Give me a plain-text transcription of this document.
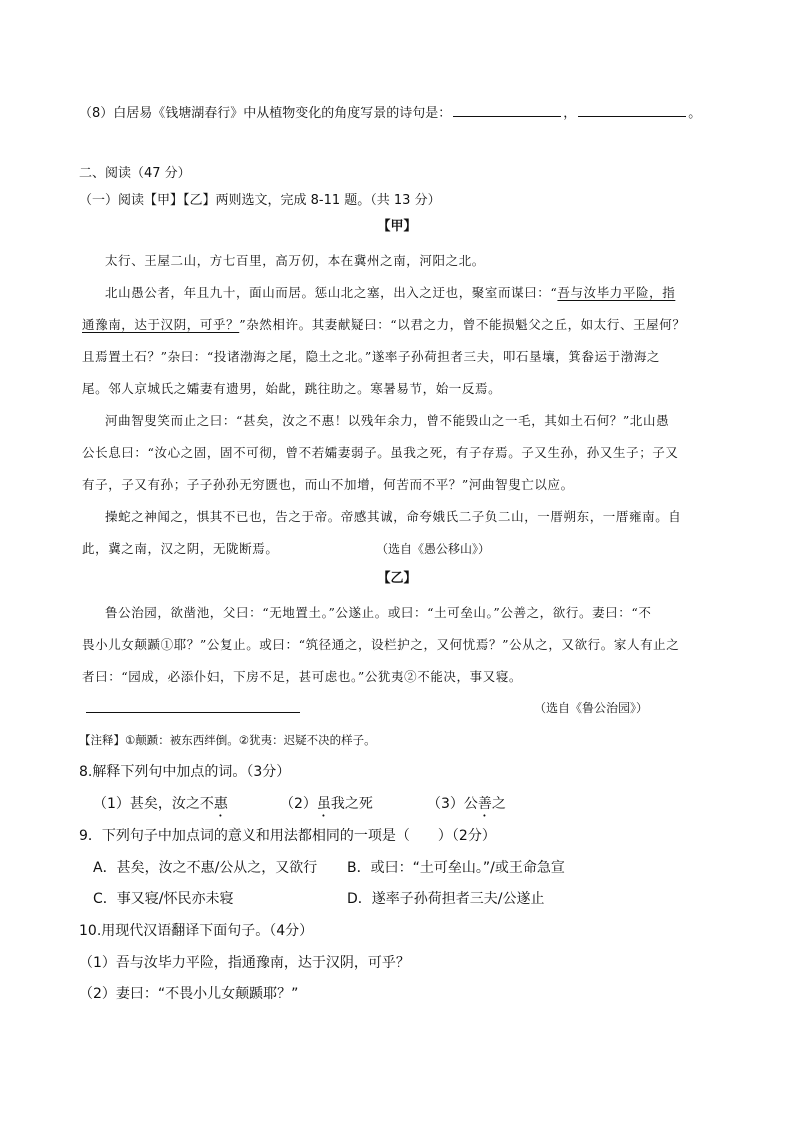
（8）白居易《钱塘湖春行》中从植物变化的角度写景的诗句是：	，	。
二、阅读（47 分）
（一）阅读【甲】【乙】两则选文，完成 8-11 题。（共 13 分）
【甲】
太行、王屋二山，方七百里，高万仞，本在冀州之南，河阳之北。
北山愚公者，年且九十，面山而居。惩山北之塞，出入之迂也，聚室而谋曰：“吾与汝毕力平险，指
通豫南，达于汉阴，可乎？”杂然相许。其妻献疑曰：“以君之力，曾不能损魁父之丘，如太行、王屋何？
且焉置土石？”杂曰：“投诸渤海之尾，隐土之北。”遂率子孙荷担者三夫，叩石垦壤，箕畚运于渤海之
尾。邻人京城氏之孀妻有遗男，始龀，跳往助之。寒暑易节，始一反焉。
河曲智叟笑而止之曰：“甚矣，汝之不惠！以残年余力，曾不能毁山之一毛，其如土石何？”北山愚
公长息曰：“汝心之固，固不可彻，曾不若孀妻弱子。虽我之死，有子存焉。子又生孙，孙又生子；子又
有子，子又有孙；子子孙孙无穷匮也，而山不加增，何苦而不平？”河曲智叟亡以应。
操蛇之神闻之，惧其不已也，告之于帝。帝感其诚，命夸娥氏二子负二山，一厝朔东，一厝雍南。自
此，冀之南，汉之阴，无陇断焉。	（选自《愚公移山》）
【乙】
鲁公治园，欲凿池，父曰：“无地置土。”公遂止。或曰：“土可垒山。”公善之，欲行。妻曰：“不
畏小儿女颠踬①耶？”公复止。或曰：“筑径通之，设栏护之，又何忧焉？”公从之，又欲行。家人有止之
者曰：“园成，必添仆妇，下房不足，甚可虑也。”公犹夷②不能决，事又寝。
（选自《鲁公治园》）
【注释】①颠踬：被东西绊倒。②犹夷：迟疑不决的样子。
8.解释下列句中加点的词。（3分）
（1）甚矣，汝之不惠	（2）虽我之死	（3）公善之
9．下列句子中加点词的意义和用法都相同的一项是（　　）（2分）
A．甚矣，汝之不惠/公从之，又欲行 B．或曰：“土可垒山。”/或王命急宣
C．事又寝/怀民亦未寝	D．遂率子孙荷担者三夫/公遂止
10.用现代汉语翻译下面句子。（4分）
（1）吾与汝毕力平险，指通豫南，达于汉阴，可乎？
（2）妻曰：“不畏小儿女颠踬耶？”
